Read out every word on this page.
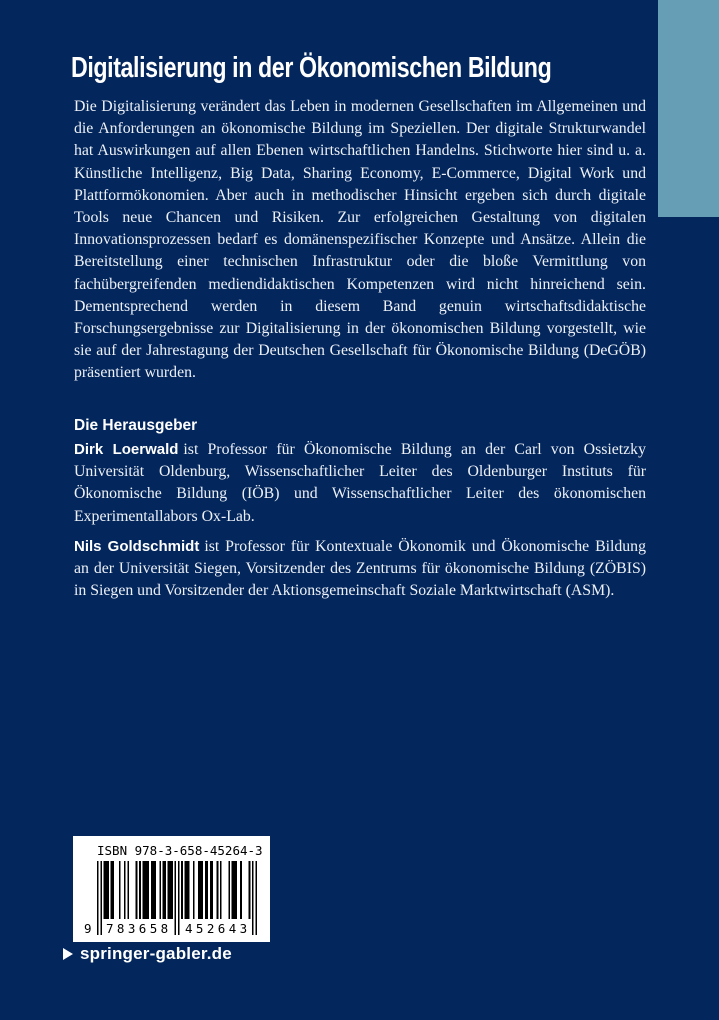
Digitalisierung in der Ökonomischen Bildung

Die Digitalisierung verändert das Leben in modernen Gesellschaften im Allgemeinen und die Anforderungen an ökonomische Bildung im Speziellen. Der digitale Strukturwandel hat Auswirkungen auf allen Ebenen wirtschaftlichen Handelns. Stichworte hier sind u. a. Künstliche Intelligenz, Big Data, Sharing Economy, E-Commerce, Digital Work und Plattformökonomien. Aber auch in methodischer Hinsicht ergeben sich durch digitale Tools neue Chancen und Risiken. Zur erfolgreichen Gestaltung von digitalen Innovationsprozessen bedarf es domänenspezifischer Konzepte und Ansätze. Allein die Bereitstellung einer technischen Infrastruktur oder die bloße Vermittlung von fachübergreifenden mediendidaktischen Kompetenzen wird nicht hinreichend sein. Dementsprechend werden in diesem Band genuin wirtschaftsdidaktische Forschungsergebnisse zur Digitalisierung in der ökonomischen Bildung vorgestellt, wie sie auf der Jahrestagung der Deutschen Gesellschaft für Ökonomische Bildung (DeGÖB) präsentiert wurden.

Die Herausgeber

Dirk Loerwald ist Professor für Ökonomische Bildung an der Carl von Ossietzky Universität Oldenburg, Wissenschaftlicher Leiter des Oldenburger Instituts für Ökonomische Bildung (IÖB) und Wissenschaftlicher Leiter des ökonomischen Experimentallabors Ox-Lab.

Nils Goldschmidt ist Professor für Kontextuale Ökonomik und Ökonomische Bildung an der Universität Siegen, Vorsitzender des Zentrums für ökonomische Bildung (ZÖBIS) in Siegen und Vorsitzender der Aktionsgemeinschaft Soziale Marktwirtschaft (ASM).

ISBN 978-3-658-45264-3
9 783658 452643
springer-gabler.de
